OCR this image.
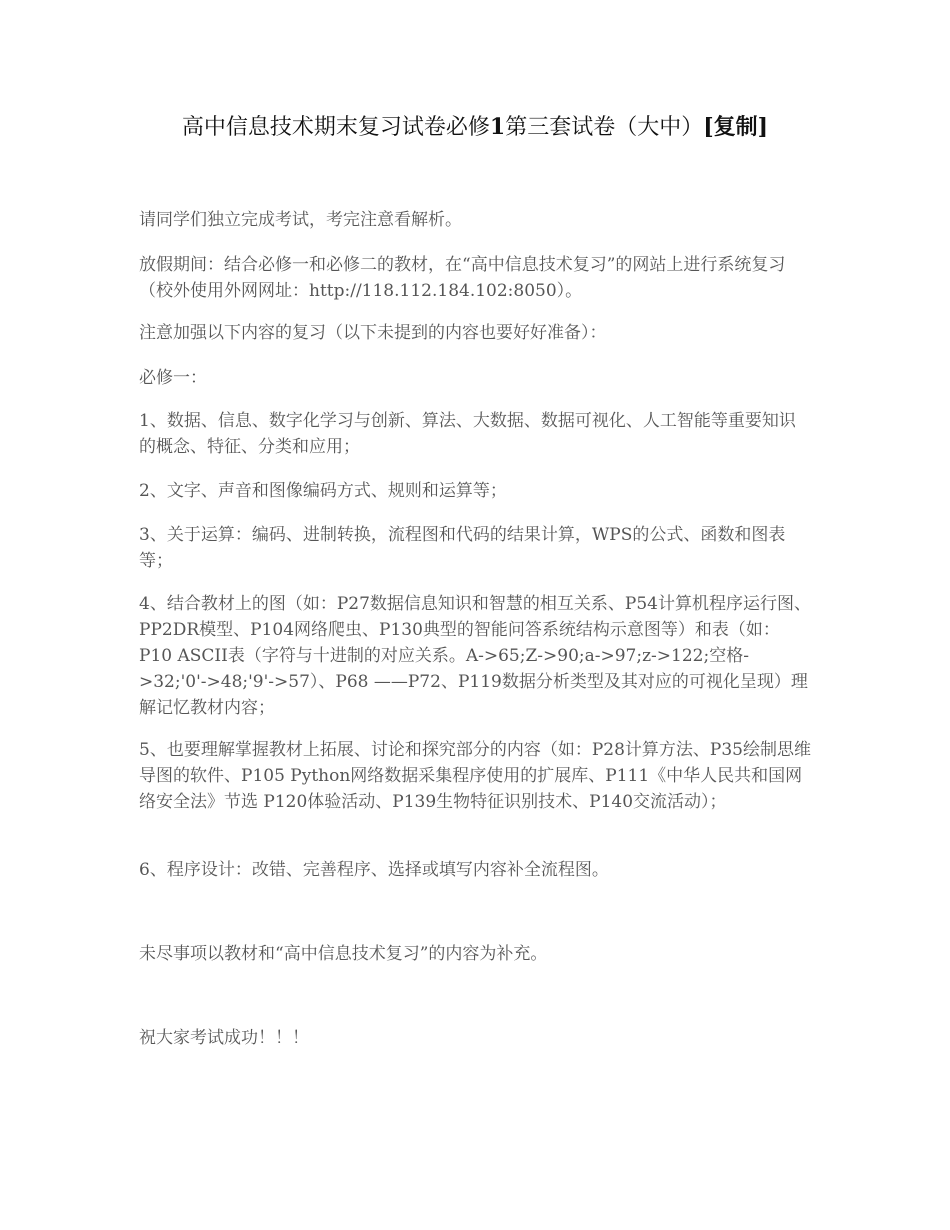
高中信息技术期末复习试卷必修1第三套试卷（大中）[复制]

请同学们独立完成考试，考完注意看解析。

放假期间：结合必修一和必修二的教材，在“高中信息技术复习”的网站上进行系统复习（校外使用外网网址：http://118.112.184.102:8050）。

注意加强以下内容的复习（以下未提到的内容也要好好准备）：

必修一：

1、数据、信息、数字化学习与创新、算法、大数据、数据可视化、人工智能等重要知识的概念、特征、分类和应用；

2、文字、声音和图像编码方式、规则和运算等；

3、关于运算：编码、进制转换，流程图和代码的结果计算，WPS的公式、函数和图表等；

4、结合教材上的图（如：P27数据信息知识和智慧的相互关系、P54计算机程序运行图、PP2DR模型、P104网络爬虫、P130典型的智能问答系统结构示意图等）和表（如：P10 ASCII表（字符与十进制的对应关系。A->65;Z->90;a->97;z->122;空格->32;'0'->48;'9'->57）、P68 ——P72、P119数据分析类型及其对应的可视化呈现）理解记忆教材内容；

5、也要理解掌握教材上拓展、讨论和探究部分的内容（如：P28计算方法、P35绘制思维导图的软件、P105 Python网络数据采集程序使用的扩展库、P111《中华人民共和国网络安全法》节选 P120体验活动、P139生物特征识别技术、P140交流活动）；

6、程序设计：改错、完善程序、选择或填写内容补全流程图。

未尽事项以教材和“高中信息技术复习”的内容为补充。

祝大家考试成功！！！
